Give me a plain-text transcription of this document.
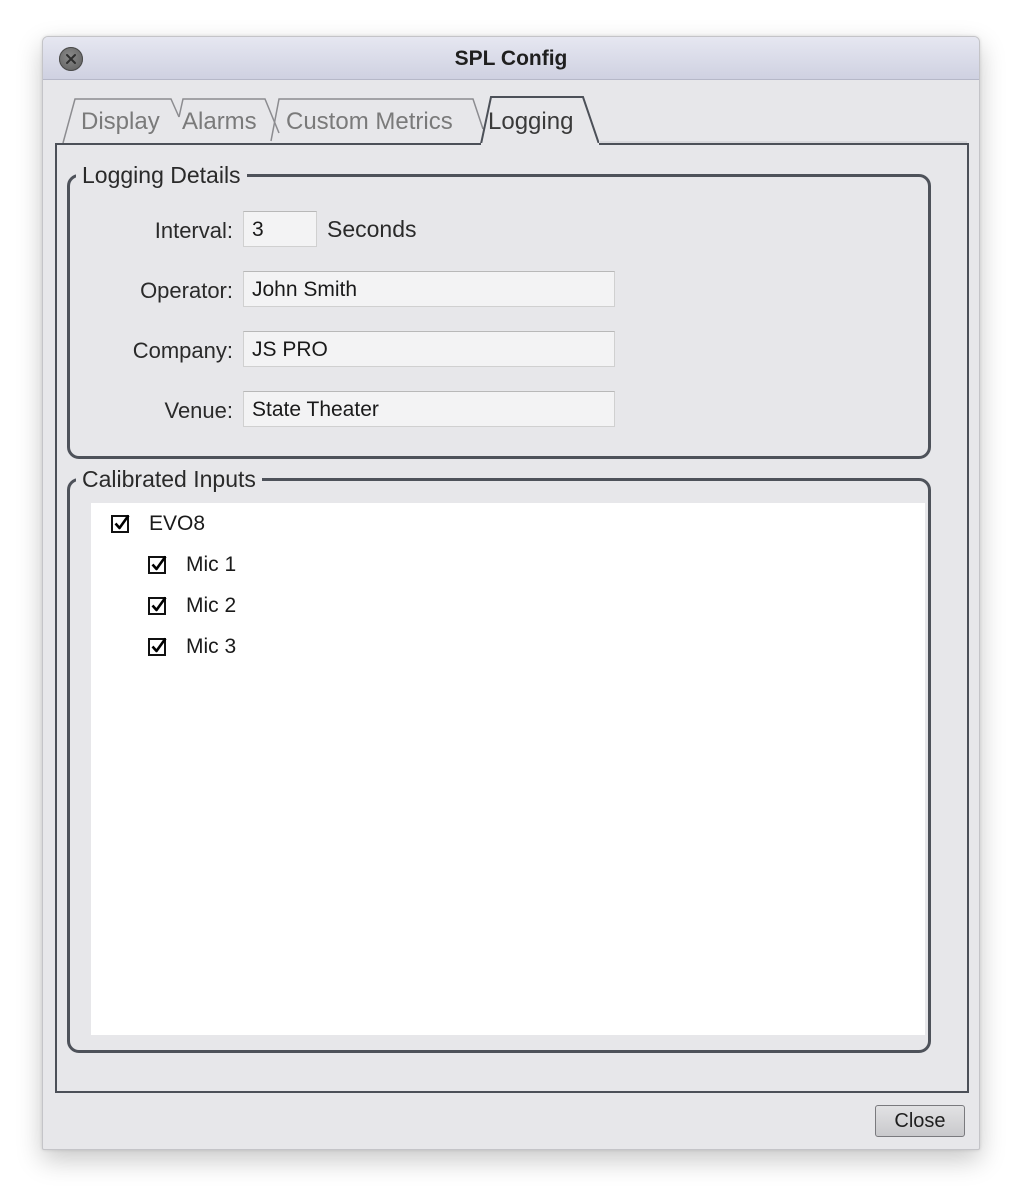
SPL Config
Display Alarms Custom Metrics Logging
Logging Details
Interval: 3	Seconds
Operator: John Smith
Company: JS PRO
Venue: State Theater
Calibrated Inputs
EVO8
Mic 1
Mic 2
Mic 3
Close
